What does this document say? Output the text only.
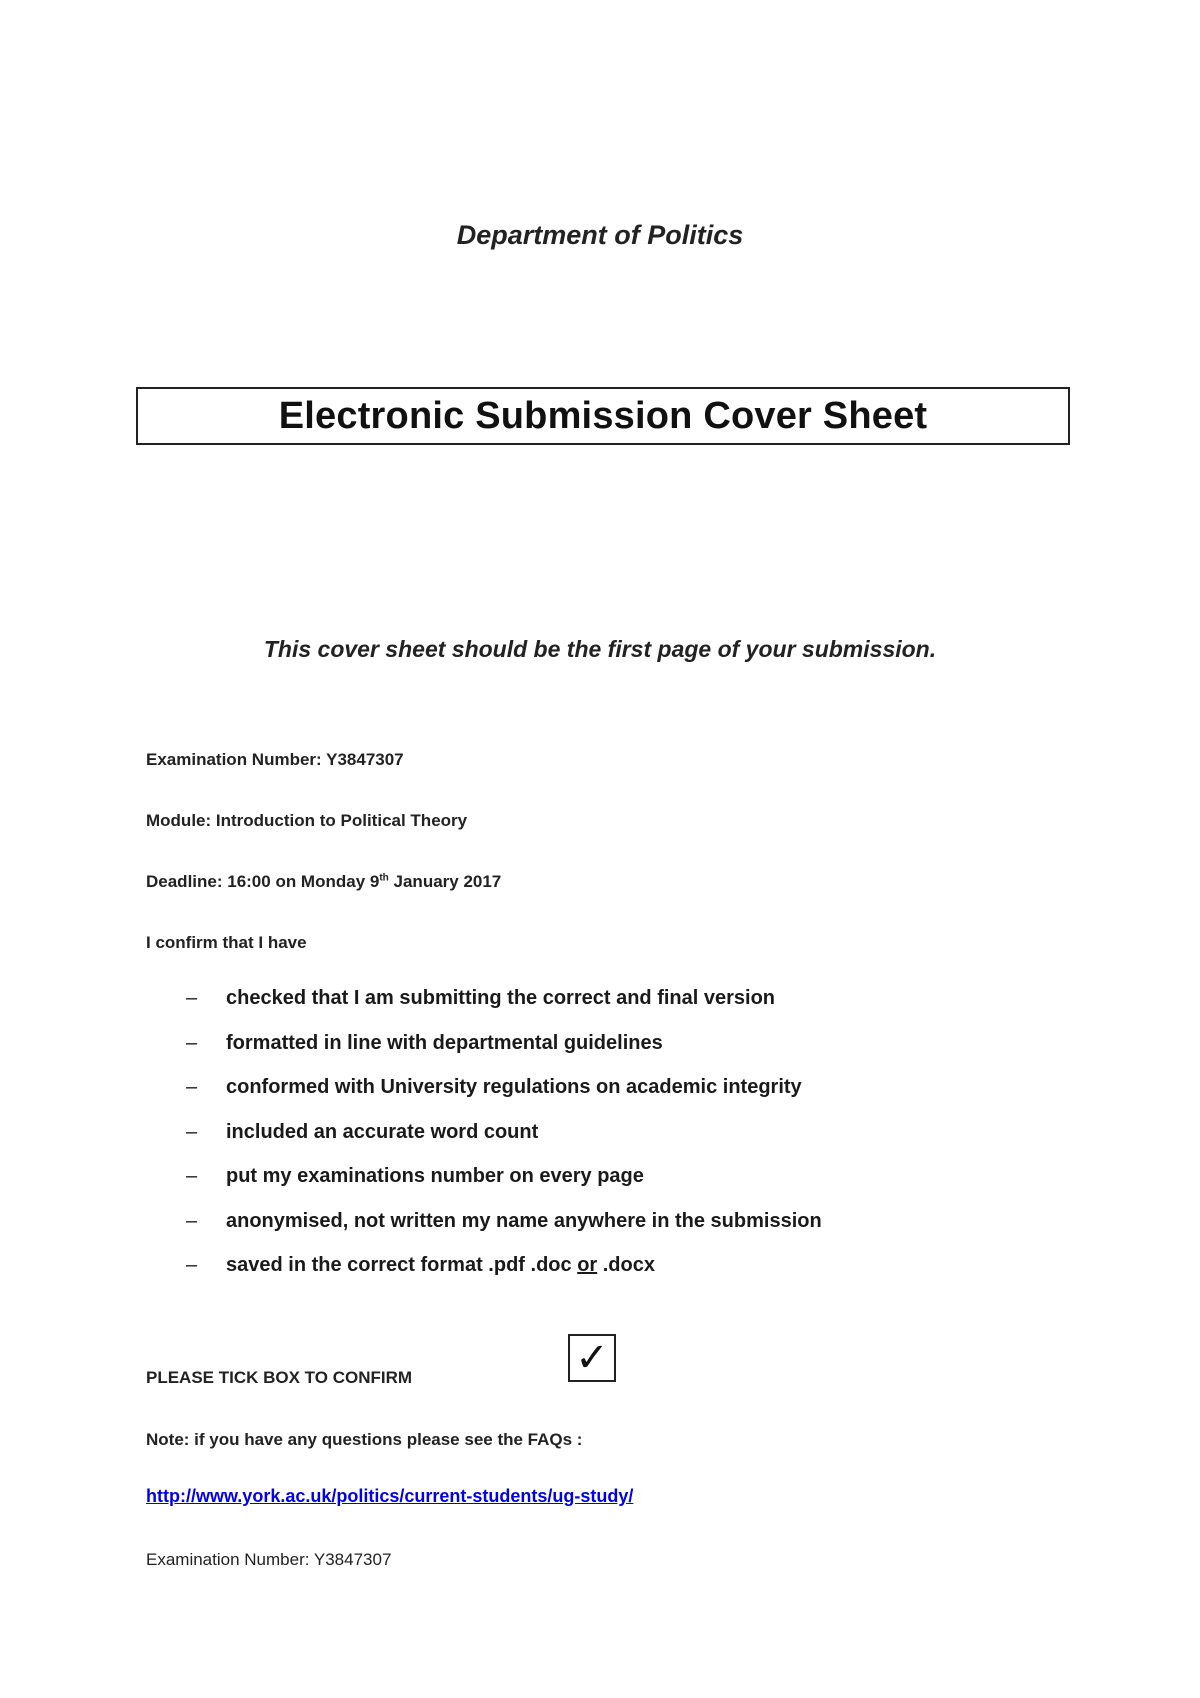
Department of Politics
Electronic Submission Cover Sheet
This cover sheet should be the first page of your submission.
Examination Number: Y3847307
Module: Introduction to Political Theory
Deadline: 16:00 on Monday 9th January 2017
I confirm that I have
–	checked that I am submitting the correct and final version
–	formatted in line with departmental guidelines
–	conformed with University regulations on academic integrity
–	included an accurate word count
–	put my examinations number on every page
–	anonymised, not written my name anywhere in the submission
–	saved in the correct format .pdf .doc or .docx
PLEASE TICK BOX TO CONFIRM	✓
Note: if you have any questions please see the FAQs :
http://www.york.ac.uk/politics/current-students/ug-study/
Examination Number: Y3847307
